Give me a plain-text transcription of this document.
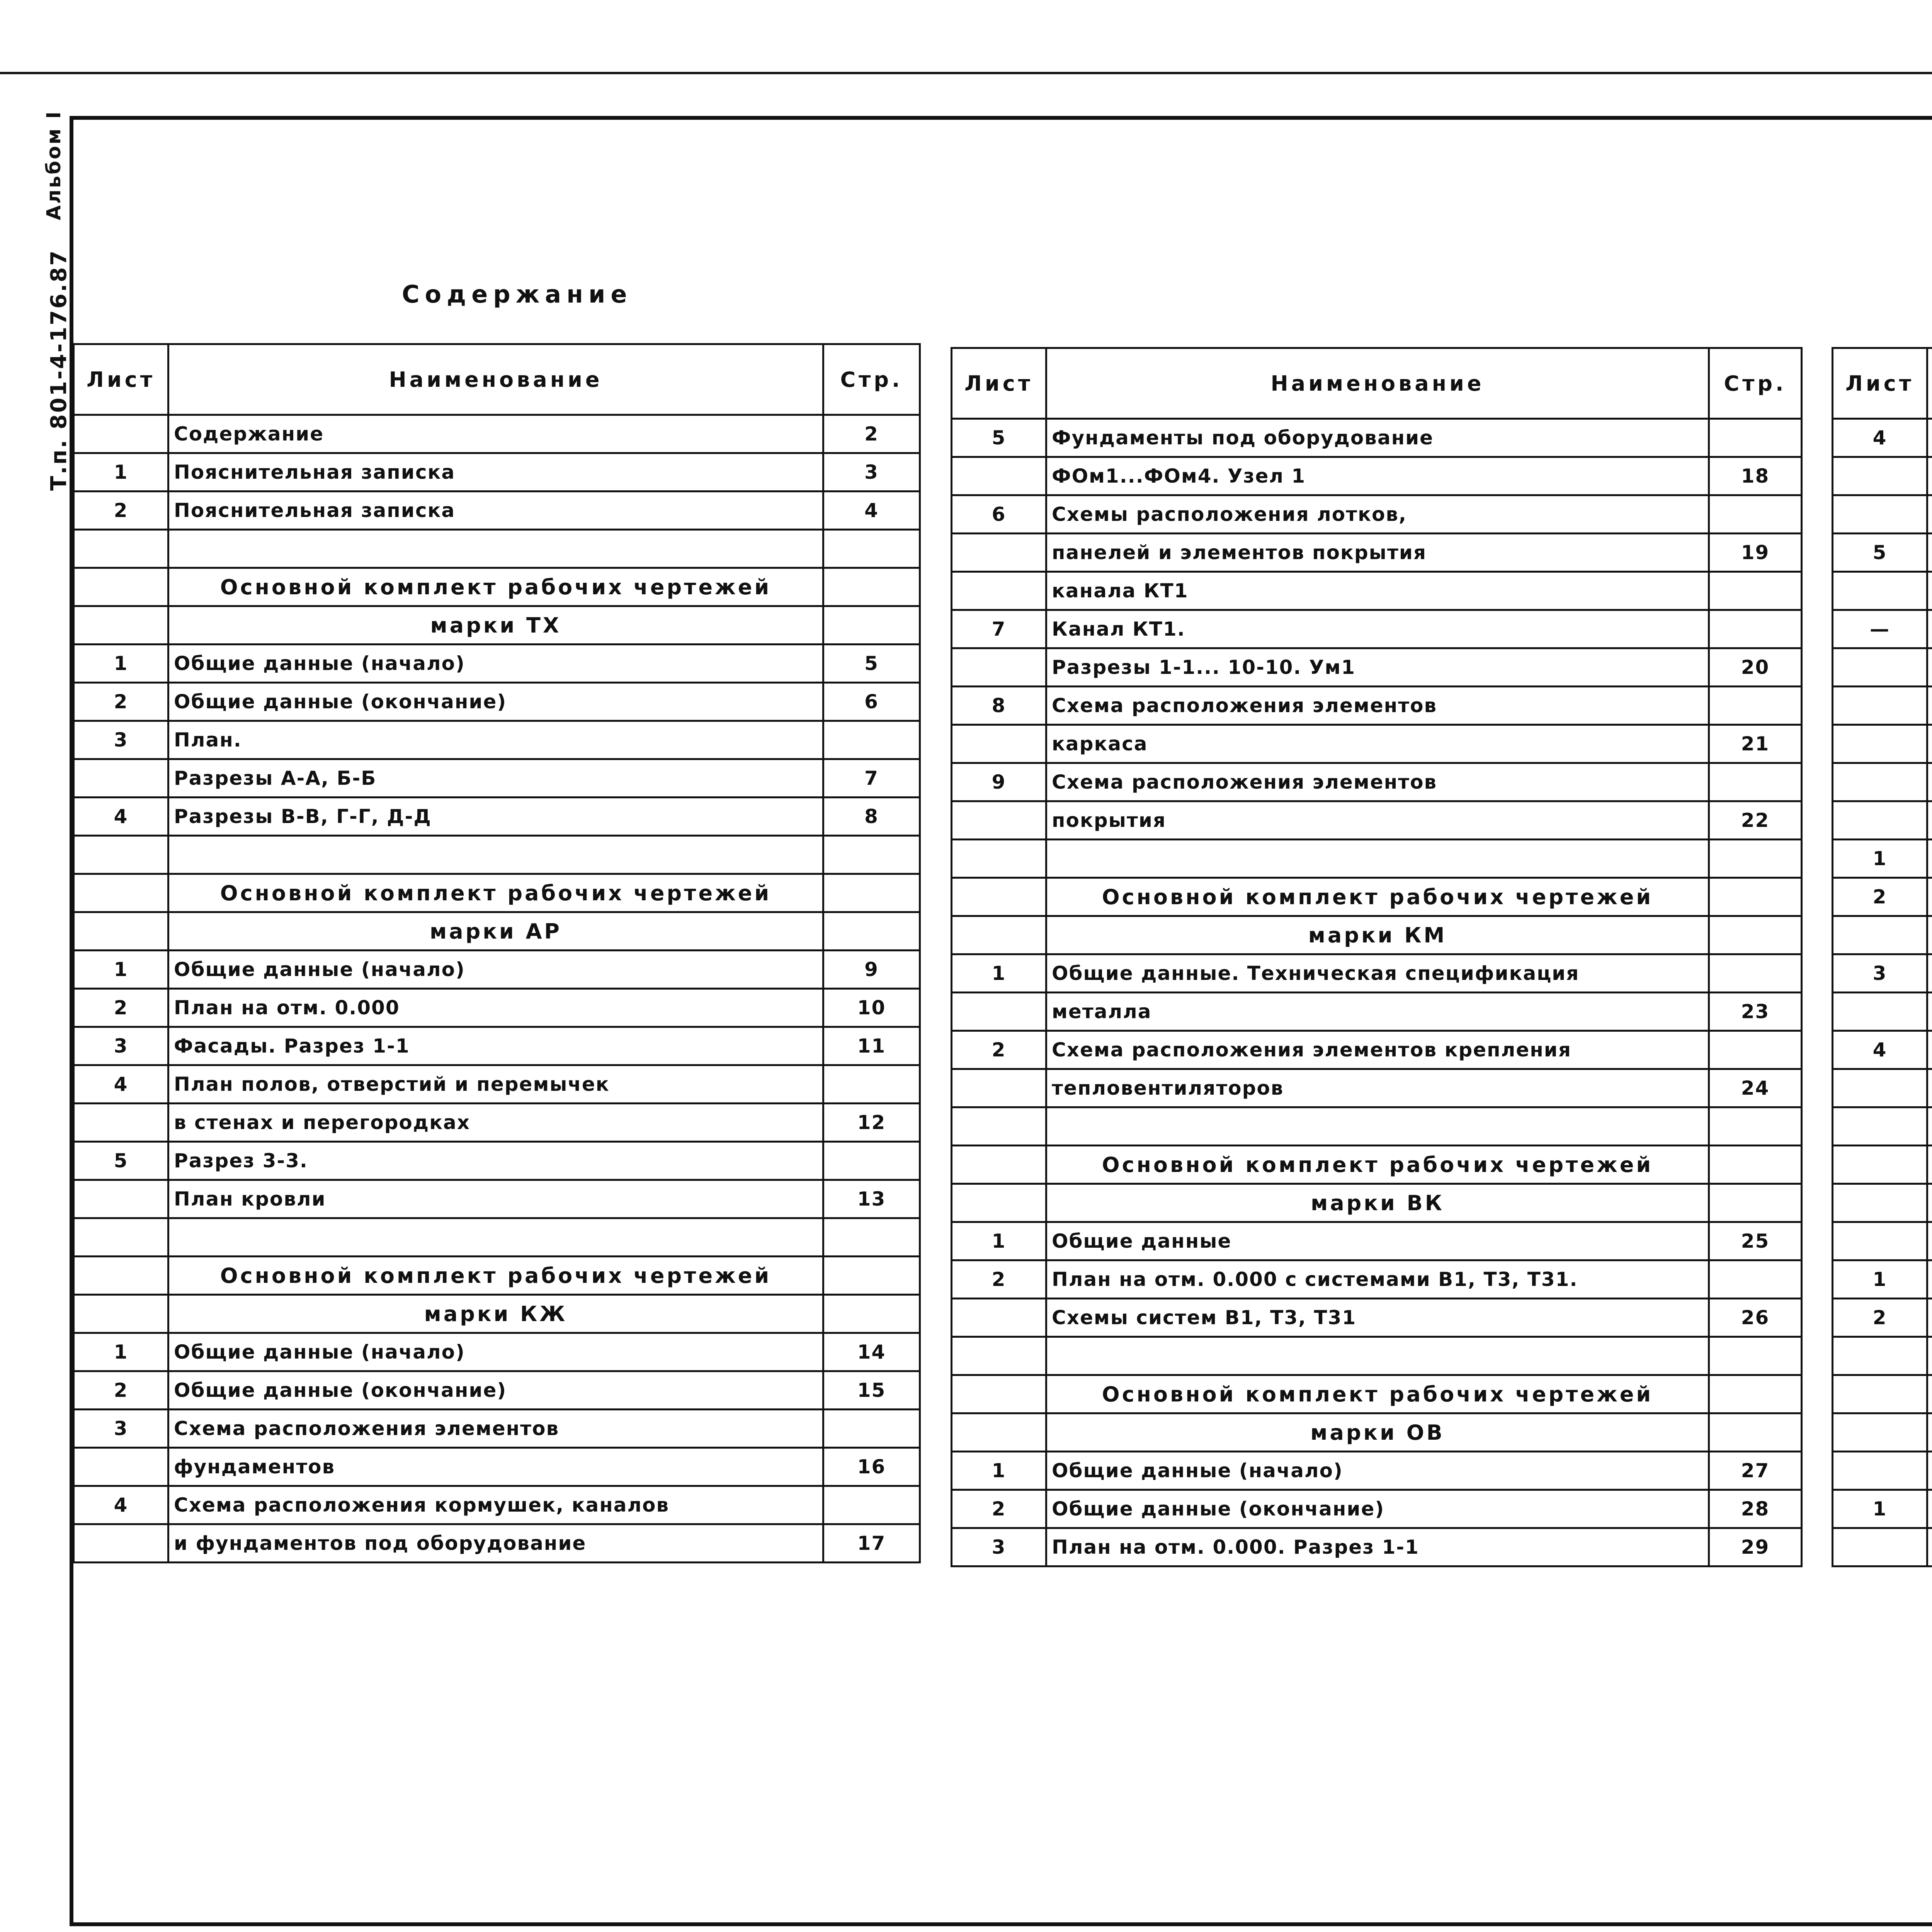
Альбом I
Т.п. 801-4-176.87	Содержание
Лист	Наименование	Стр.
	Содержание	2
1	Пояснительная записка	3
2	Пояснительная записка	4

	Основной комплект рабочих чертежей	
	марки ТХ	
1	Общие данные (начало)	5
2	Общие данные (окончание)	6
3	План.	
	Разрезы А-А, Б-Б	7
4	Разрезы В-В, Г-Г, Д-Д	8

	Основной комплект рабочих чертежей	
	марки АР	
1	Общие данные (начало)	9
2	План на отм. 0.000	10
3	Фасады. Разрез 1-1	11
4	План полов, отверстий и перемычек	
	в стенах и перегородках	12
5	Разрез 3-3.	
	План кровли	13

	Основной комплект рабочих чертежей	
	марки КЖ	
1	Общие данные (начало)	14
2	Общие данные (окончание)	15
3	Схема расположения элементов	
	фундаментов	16
4	Схема расположения кормушек, каналов	
	и фундаментов под оборудование	17
Лист	Наименование	Стр.
5	Фундаменты под оборудование	
	ФОм1...ФОм4. Узел 1	18
6	Схемы расположения лотков,	
	панелей и элементов покрытия	19
	канала КТ1	
7	Канал КТ1.	
	Разрезы 1-1... 10-10. Ум1	20
8	Схема расположения элементов	
	каркаса	21
9	Схема расположения элементов	
	покрытия	22

	Основной комплект рабочих чертежей	
	марки КМ	
1	Общие данные. Техническая спецификация	
	металла	23
2	Схема расположения элементов крепления	
	тепловентиляторов	24

	Основной комплект рабочих чертежей	
	марки ВК	
1	Общие данные	25
2	План на отм. 0.000 с системами В1, Т3, Т31.	
	Схемы систем В1, Т3, Т31	26

	Основной комплект рабочих чертежей	
	марки ОВ	
1	Общие данные (начало)	27
2	Общие данные (окончание)	28
3	План на отм. 0.000. Разрез 1-1	29
Лист		
4		

5		

—		

1		
2		

3		

4		

1		
2		

1		
